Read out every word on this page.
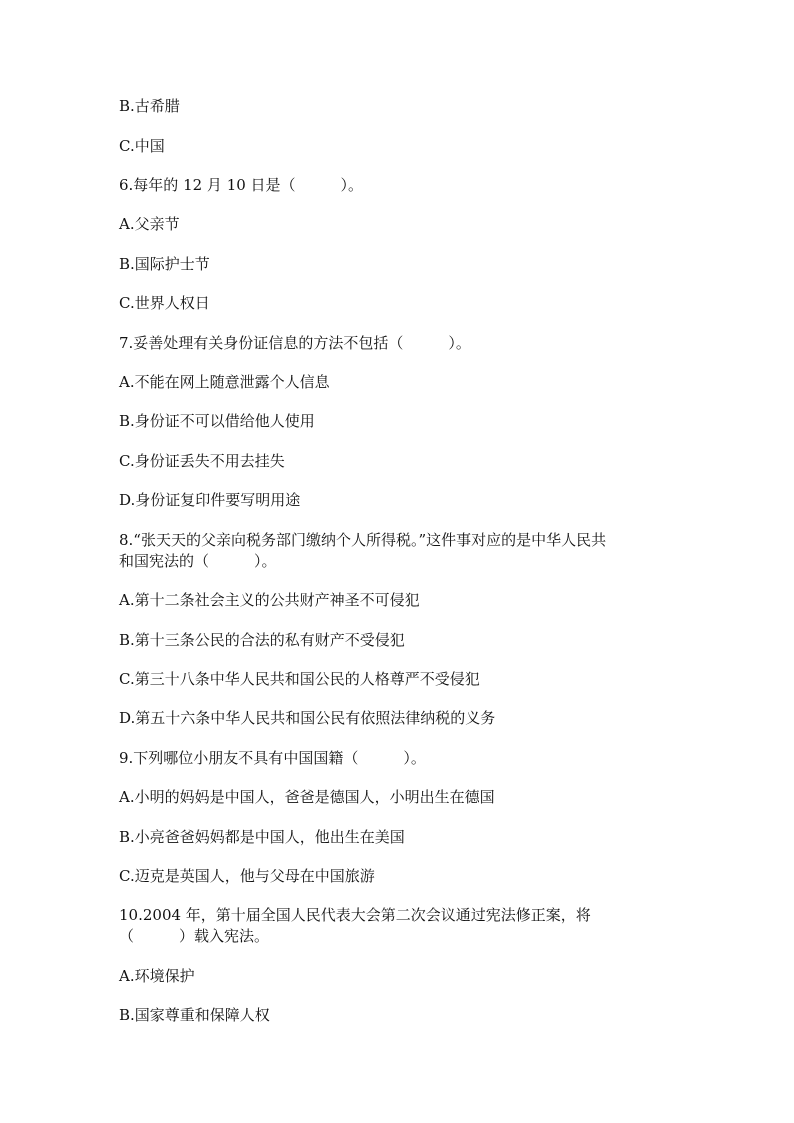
B.古希腊

C.中国

6.每年的 12 月 10 日是（　　　）。

A.父亲节

B.国际护士节

C.世界人权日

7.妥善处理有关身份证信息的方法不包括（　　　）。

A.不能在网上随意泄露个人信息

B.身份证不可以借给他人使用

C.身份证丢失不用去挂失

D.身份证复印件要写明用途

8.“张天天的父亲向税务部门缴纳个人所得税。”这件事对应的是中华人民共

和国宪法的（　　　）。

A.第十二条社会主义的公共财产神圣不可侵犯

B.第十三条公民的合法的私有财产不受侵犯

C.第三十八条中华人民共和国公民的人格尊严不受侵犯

D.第五十六条中华人民共和国公民有依照法律纳税的义务

9.下列哪位小朋友不具有中国国籍（　　　）。

A.小明的妈妈是中国人，爸爸是德国人，小明出生在德国

B.小亮爸爸妈妈都是中国人，他出生在美国

C.迈克是英国人，他与父母在中国旅游

10.2004 年，第十届全国人民代表大会第二次会议通过宪法修正案，将

（　　　）载入宪法。

A.环境保护

B.国家尊重和保障人权
